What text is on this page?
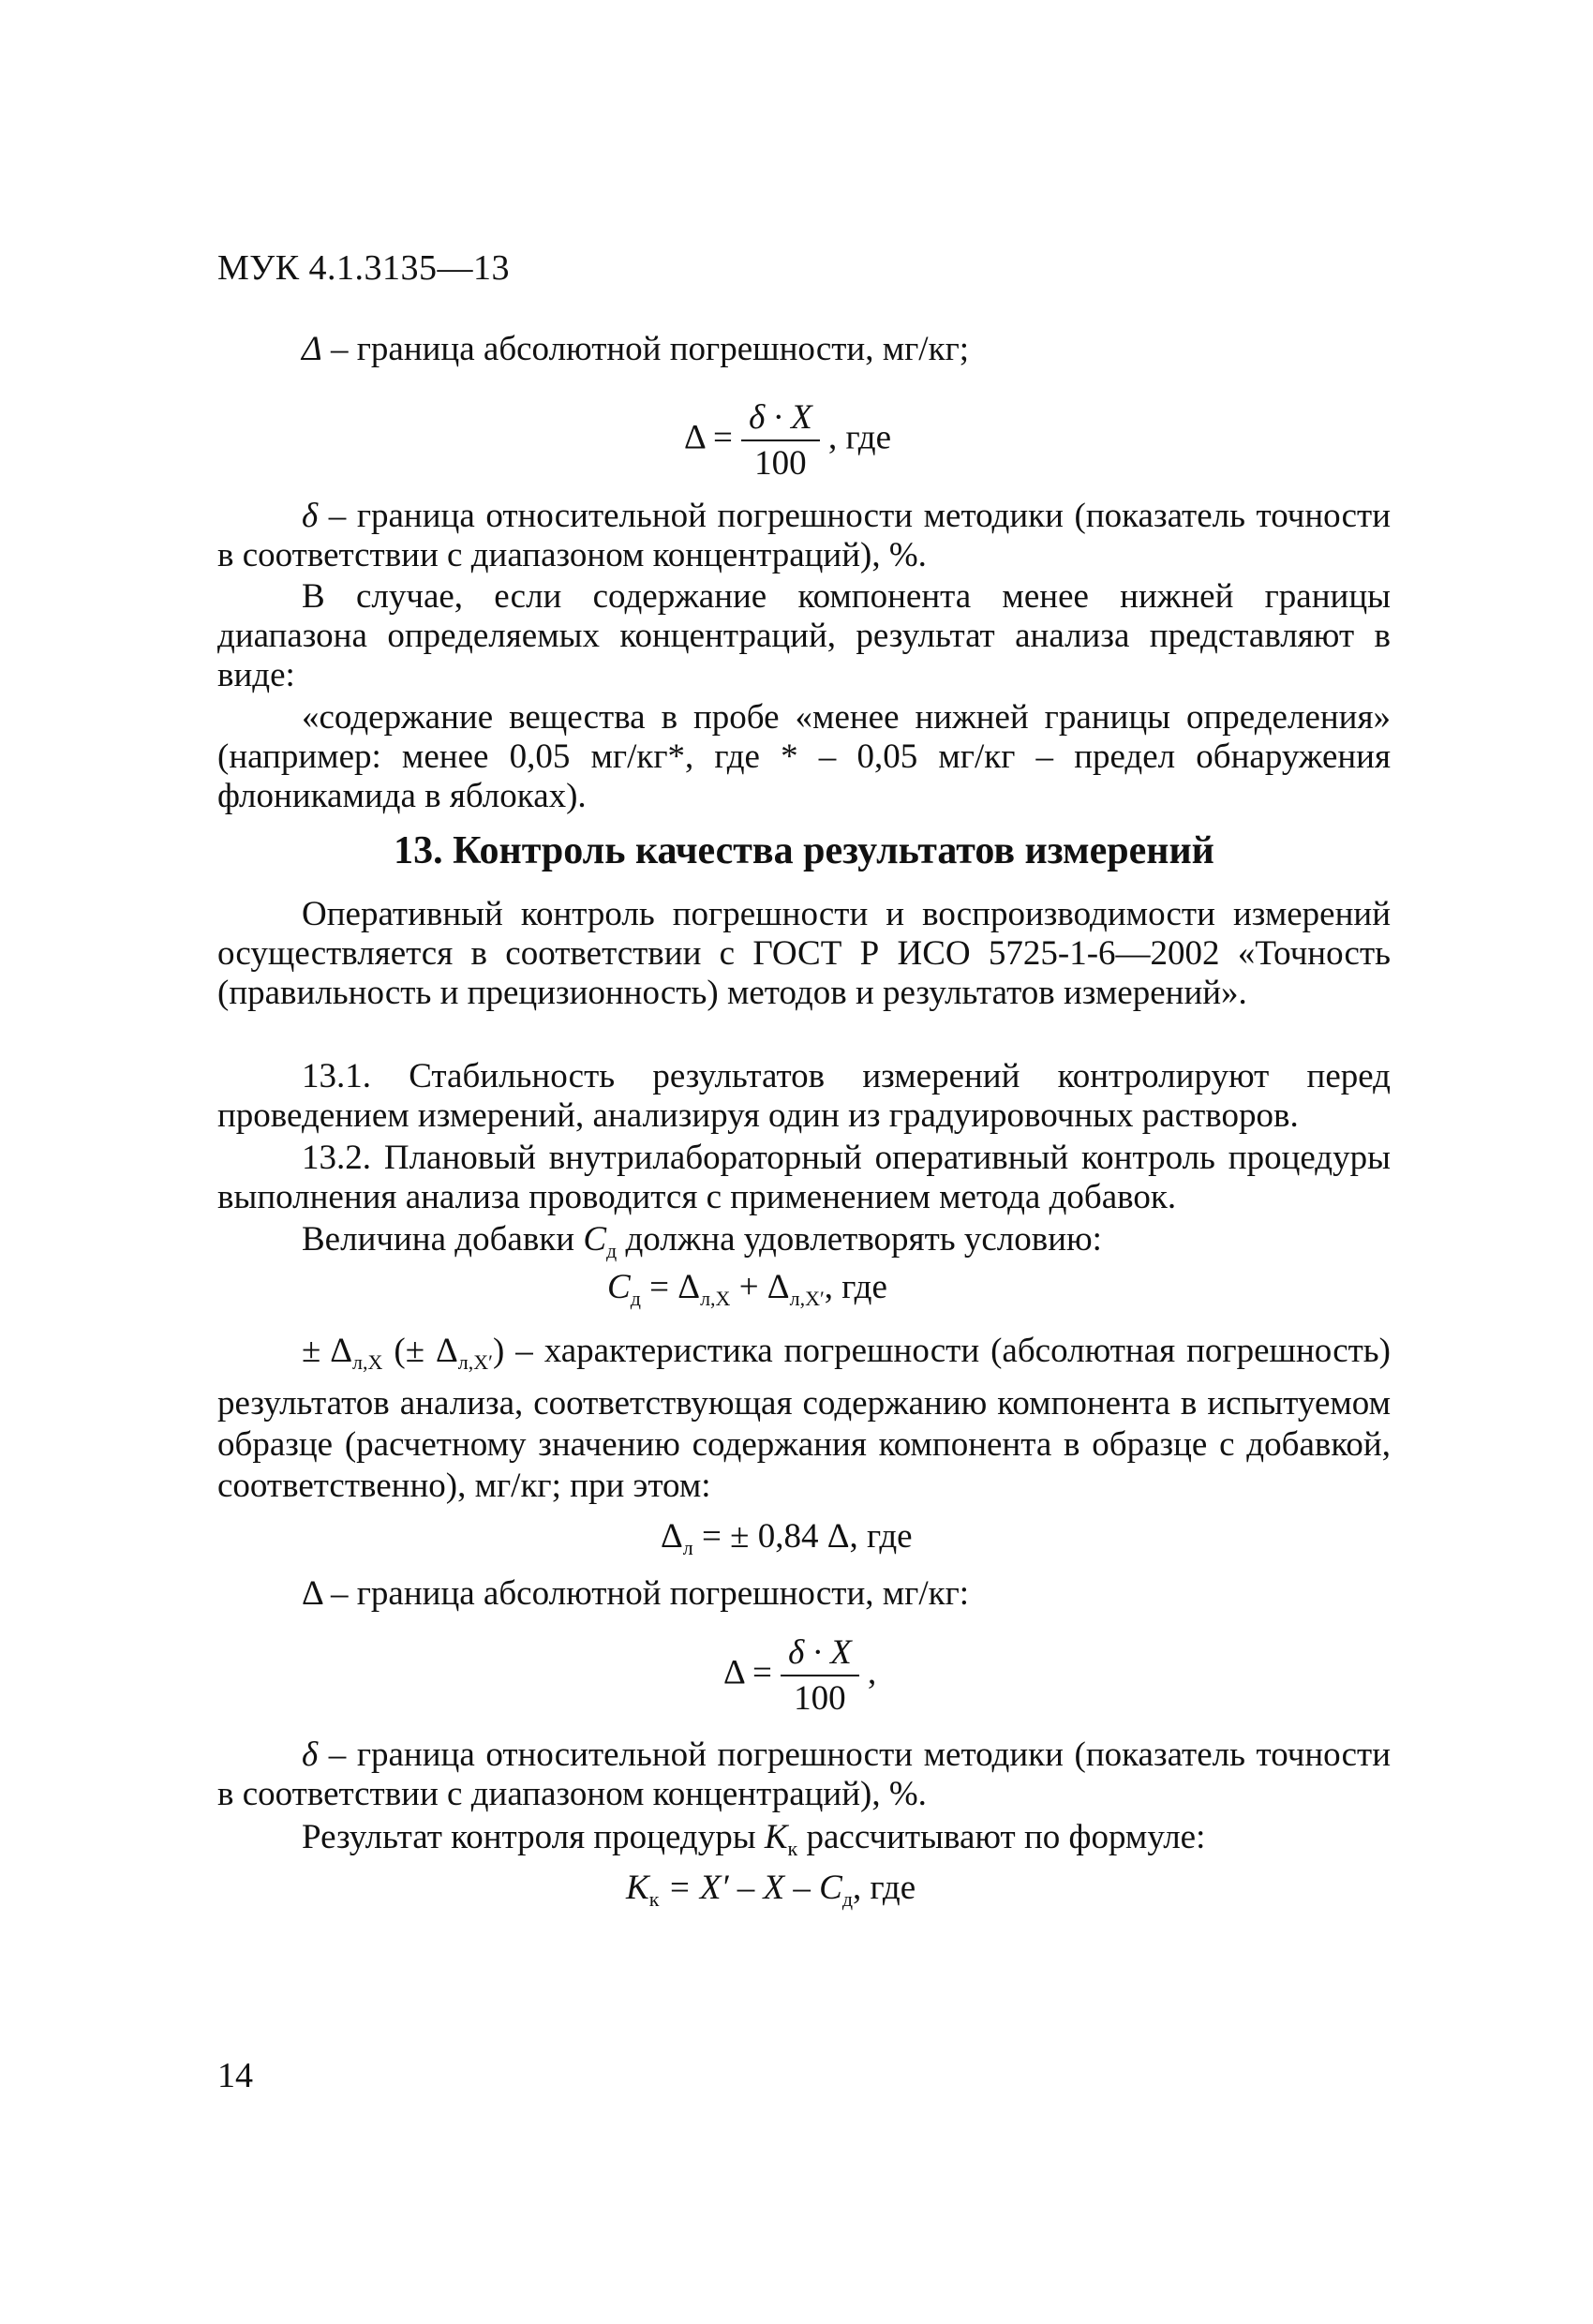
МУК 4.1.3135—13
Δ – граница абсолютной погрешности, мг/кг;
$\Delta = \frac{\delta \cdot X}{100}$ , где
δ – граница относительной погрешности методики (показатель точности в соответствии с диапазоном концентраций), %.
В случае, если содержание компонента менее нижней границы диапазона определяемых концентраций, результат анализа представляют в виде:
«содержание вещества в пробе «менее нижней границы определения» (например: менее 0,05 мг/кг*, где * – 0,05 мг/кг – предел обнаружения флоникамида в яблоках).
13. Контроль качества результатов измерений
Оперативный контроль погрешности и воспроизводимости измерений осуществляется в соответствии с ГОСТ Р ИСО 5725-1-6—2002 «Точность (правильность и прецизионность) методов и результатов измерений».
13.1. Стабильность результатов измерений контролируют перед проведением измерений, анализируя один из градуировочных растворов.
13.2. Плановый внутрилабораторный оперативный контроль процедуры выполнения анализа проводится с применением метода добавок.
Величина добавки $C_д$ должна удовлетворять условию:
$C_д = \Delta_{л,X} + \Delta_{л,X'}$, где
± $\Delta_{л,X}$ (± $\Delta_{л,X'}$) – характеристика погрешности (абсолютная погрешность) результатов анализа, соответствующая содержанию компонента в испытуемом образце (расчетному значению содержания компонента в образце с добавкой, соответственно), мг/кг; при этом:
$\Delta_л$ = ± 0,84 Δ, где
Δ – граница абсолютной погрешности, мг/кг:
$\Delta = \frac{\delta \cdot X}{100}$ ,
δ – граница относительной погрешности методики (показатель точности в соответствии с диапазоном концентраций), %.
Результат контроля процедуры $K_к$ рассчитывают по формуле:
$K_к = X' - X - C_д$, где
14
